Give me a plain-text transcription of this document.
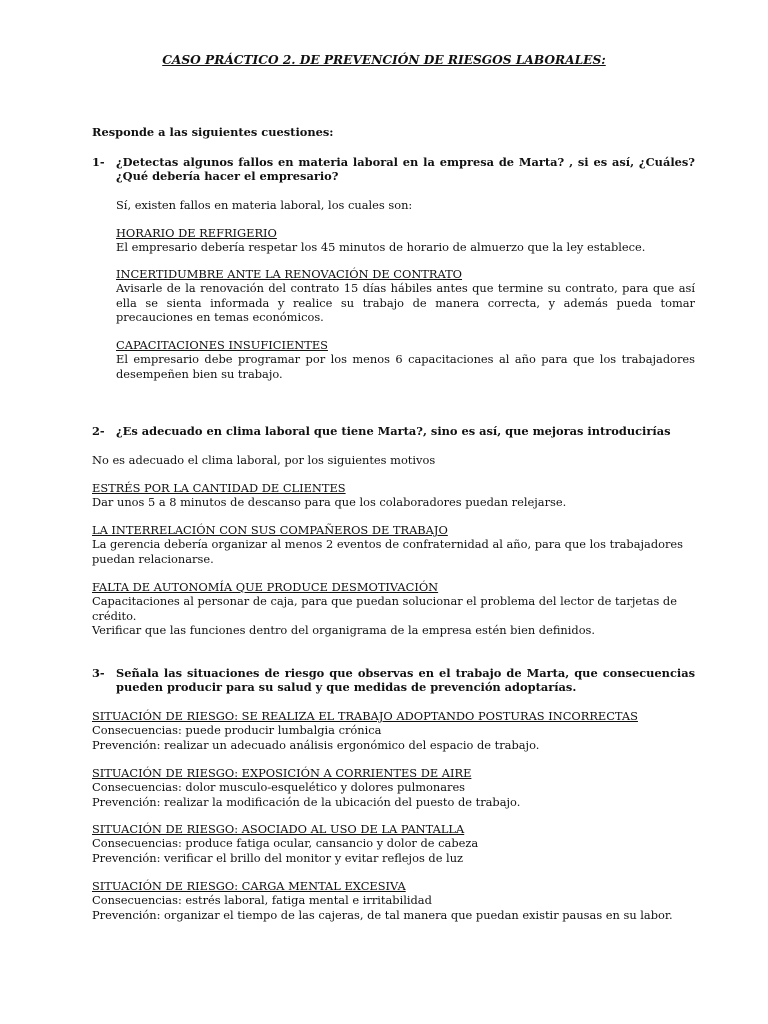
CASO PRÁCTICO 2. DE PREVENCIÓN DE RIESGOS LABORALES:
Responde a las siguientes cuestiones:
1- ¿Detectas algunos fallos en materia laboral en la empresa de Marta? , si es así, ¿Cuáles? ¿Qué debería hacer el empresario?
Sí, existen fallos en materia laboral, los cuales son:
HORARIO DE REFRIGERIO

El empresario debería respetar los 45 minutos de horario de almuerzo que la ley establece.

INCERTIDUMBRE ANTE LA RENOVACIÓN DE CONTRATO

Avisarle de la renovación del contrato 15 días hábiles antes que termine su contrato, para que así ella se sienta informada y realice su trabajo de manera correcta, y además pueda tomar precauciones en temas económicos.

CAPACITACIONES INSUFICIENTES

El empresario debe programar por los menos 6 capacitaciones al año para que los trabajadores desempeñen bien su trabajo.

2- ¿Es adecuado en clima laboral que tiene Marta?, sino es así, que mejoras introducirías
No es adecuado el clima laboral, por los siguientes motivos
ESTRÉS POR LA CANTIDAD DE CLIENTES

Dar unos 5 a 8 minutos de descanso para que los colaboradores puedan relejarse.

LA INTERRELACIÓN CON SUS COMPAÑEROS DE TRABAJO

La gerencia debería organizar al menos 2 eventos de confraternidad al año, para que los trabajadores puedan relacionarse.

FALTA DE AUTONOMÍA QUE PRODUCE DESMOTIVACIÓN

Capacitaciones al personar de caja, para que puedan solucionar el problema del lector de tarjetas de crédito.

Verificar que las funciones dentro del organigrama de la empresa estén bien definidos.

3- Señala las situaciones de riesgo que observas en el trabajo de Marta, que consecuencias pueden producir para su salud y que medidas de prevención adoptarías.
SITUACIÓN DE RIESGO: SE REALIZA EL TRABAJO ADOPTANDO POSTURAS INCORRECTAS

Consecuencias: puede producir lumbalgia crónica

Prevención: realizar un adecuado análisis ergonómico del espacio de trabajo.

SITUACIÓN DE RIESGO: EXPOSICIÓN A CORRIENTES DE AIRE

Consecuencias: dolor musculo-esquelético y dolores pulmonares

Prevención: realizar la modificación de la ubicación del puesto de trabajo.

SITUACIÓN DE RIESGO: ASOCIADO AL USO DE LA PANTALLA

Consecuencias: produce fatiga ocular, cansancio y dolor de cabeza

Prevención: verificar el brillo del monitor y evitar reflejos de luz

SITUACIÓN DE RIESGO: CARGA MENTAL EXCESIVA

Consecuencias: estrés laboral, fatiga mental e irritabilidad

Prevención: organizar el tiempo de las cajeras, de tal manera que puedan existir pausas en su labor.
